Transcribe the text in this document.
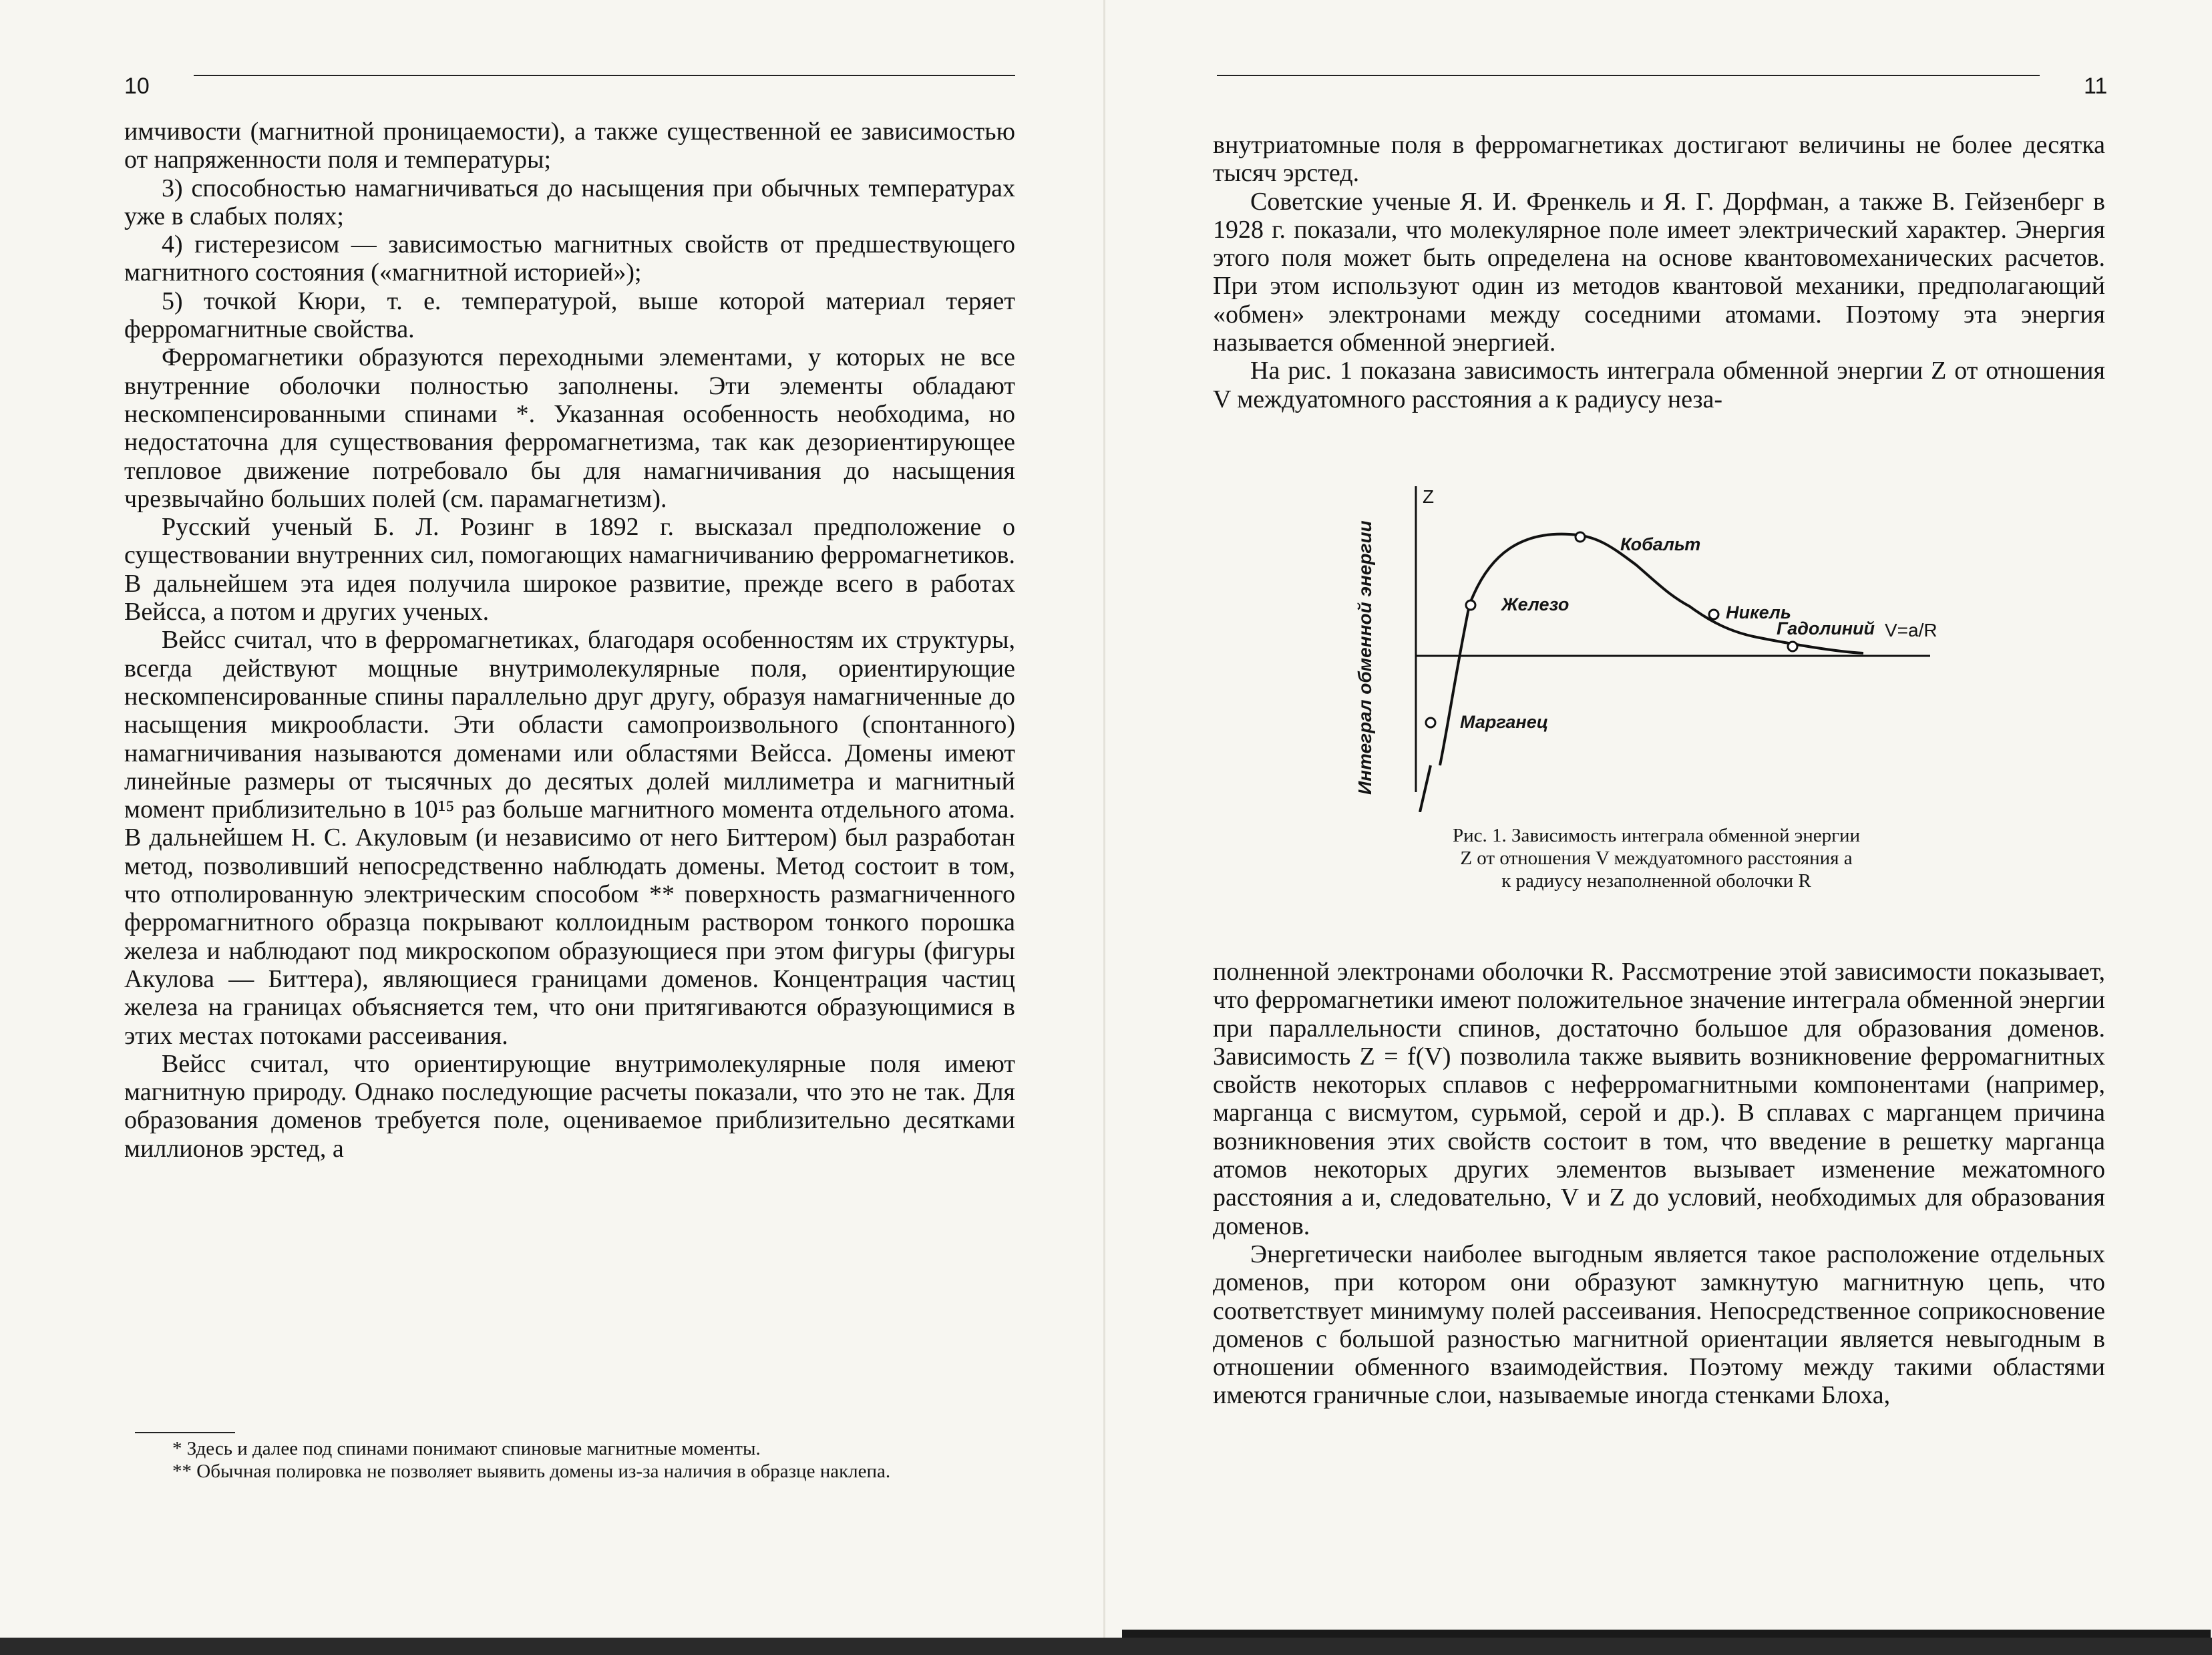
10

имчивости (магнитной проницаемости), а также существенной ее зависимостью от напряженности поля и температуры;

3) способностью намагничиваться до насыщения при обычных температурах уже в слабых полях;

4) гистерезисом — зависимостью магнитных свойств от предшествующего магнитного состояния («магнитной историей»);

5) точкой Кюри, т. е. температурой, выше которой материал теряет ферромагнитные свойства.

Ферромагнетики образуются переходными элементами, у которых не все внутренние оболочки полностью заполнены. Эти элементы обладают нескомпенсированными спинами *. Указанная особенность необходима, но недостаточна для существования ферромагнетизма, так как дезориентирующее тепловое движение потребовало бы для намагничивания до насыщения чрезвычайно больших полей (см. парамагнетизм).

Русский ученый Б. Л. Розинг в 1892 г. высказал предположение о существовании внутренних сил, помогающих намагничиванию ферромагнетиков. В дальнейшем эта идея получила широкое развитие, прежде всего в работах Вейсса, а потом и других ученых.

Вейсс считал, что в ферромагнетиках, благодаря особенностям их структуры, всегда действуют мощные внутримолекулярные поля, ориентирующие нескомпенсированные спины параллельно друг другу, образуя намагниченные до насыщения микрообласти. Эти области самопроизвольного (спонтанного) намагничивания называются доменами или областями Вейсса. Домены имеют линейные размеры от тысячных до десятых долей миллиметра и магнитный момент приблизительно в 10¹⁵ раз больше магнитного момента отдельного атома. В дальнейшем Н. С. Акуловым (и независимо от него Биттером) был разработан метод, позволивший непосредственно наблюдать домены. Метод состоит в том, что отполированную электрическим способом ** поверхность размагниченного ферромагнитного образца покрывают коллоидным раствором тонкого порошка железа и наблюдают под микроскопом образующиеся при этом фигуры (фигуры Акулова — Биттера), являющиеся границами доменов. Концентрация частиц железа на границах объясняется тем, что они притягиваются образующимися в этих местах потоками рассеивания.

Вейсс считал, что ориентирующие внутримолекулярные поля имеют магнитную природу. Однако последующие расчеты показали, что это не так. Для образования доменов требуется поле, оцениваемое приблизительно десятками миллионов эрстед, а

* Здесь и далее под спинами понимают спиновые магнитные моменты.

** Обычная полировка не позволяет выявить домены из-за наличия в образце наклепа.

11

внутриатомные поля в ферромагнетиках достигают величины не более десятка тысяч эрстед.

Советские ученые Я. И. Френкель и Я. Г. Дорфман, а также В. Гейзенберг в 1928 г. показали, что молекулярное поле имеет электрический характер. Энергия этого поля может быть определена на основе квантовомеханических расчетов. При этом используют один из методов квантовой механики, предполагающий «обмен» электронами между соседними атомами. Поэтому эта энергия называется обменной энергией.

На рис. 1 показана зависимость интеграла обменной энергии Z от отношения V междуатомного расстояния a к радиусу неза-

Интеграл обменной энергии
Z
Железо
Кобальт
Никель
Гадолиний
Марганец
V=a/R

Рис. 1. Зависимость интеграла обменной энергии

Z от отношения V междуатомного расстояния a

к радиусу незаполненной оболочки R

полненной электронами оболочки R. Рассмотрение этой зависимости показывает, что ферромагнетики имеют положительное значение интеграла обменной энергии при параллельности спинов, достаточно большое для образования доменов. Зависимость Z = f(V) позволила также выявить возникновение ферромагнитных свойств некоторых сплавов с неферромагнитными компонентами (например, марганца с висмутом, сурьмой, серой и др.). В сплавах с марганцем причина возникновения этих свойств состоит в том, что введение в решетку марганца атомов некоторых других элементов вызывает изменение межатомного расстояния a и, следовательно, V и Z до условий, необходимых для образования доменов.

Энергетически наиболее выгодным является такое расположение отдельных доменов, при котором они образуют замкнутую магнитную цепь, что соответствует минимуму полей рассеивания. Непосредственное соприкосновение доменов с большой разностью магнитной ориентации является невыгодным в отношении обменного взаимодействия. Поэтому между такими областями имеются граничные слои, называемые иногда стенками Блоха,
